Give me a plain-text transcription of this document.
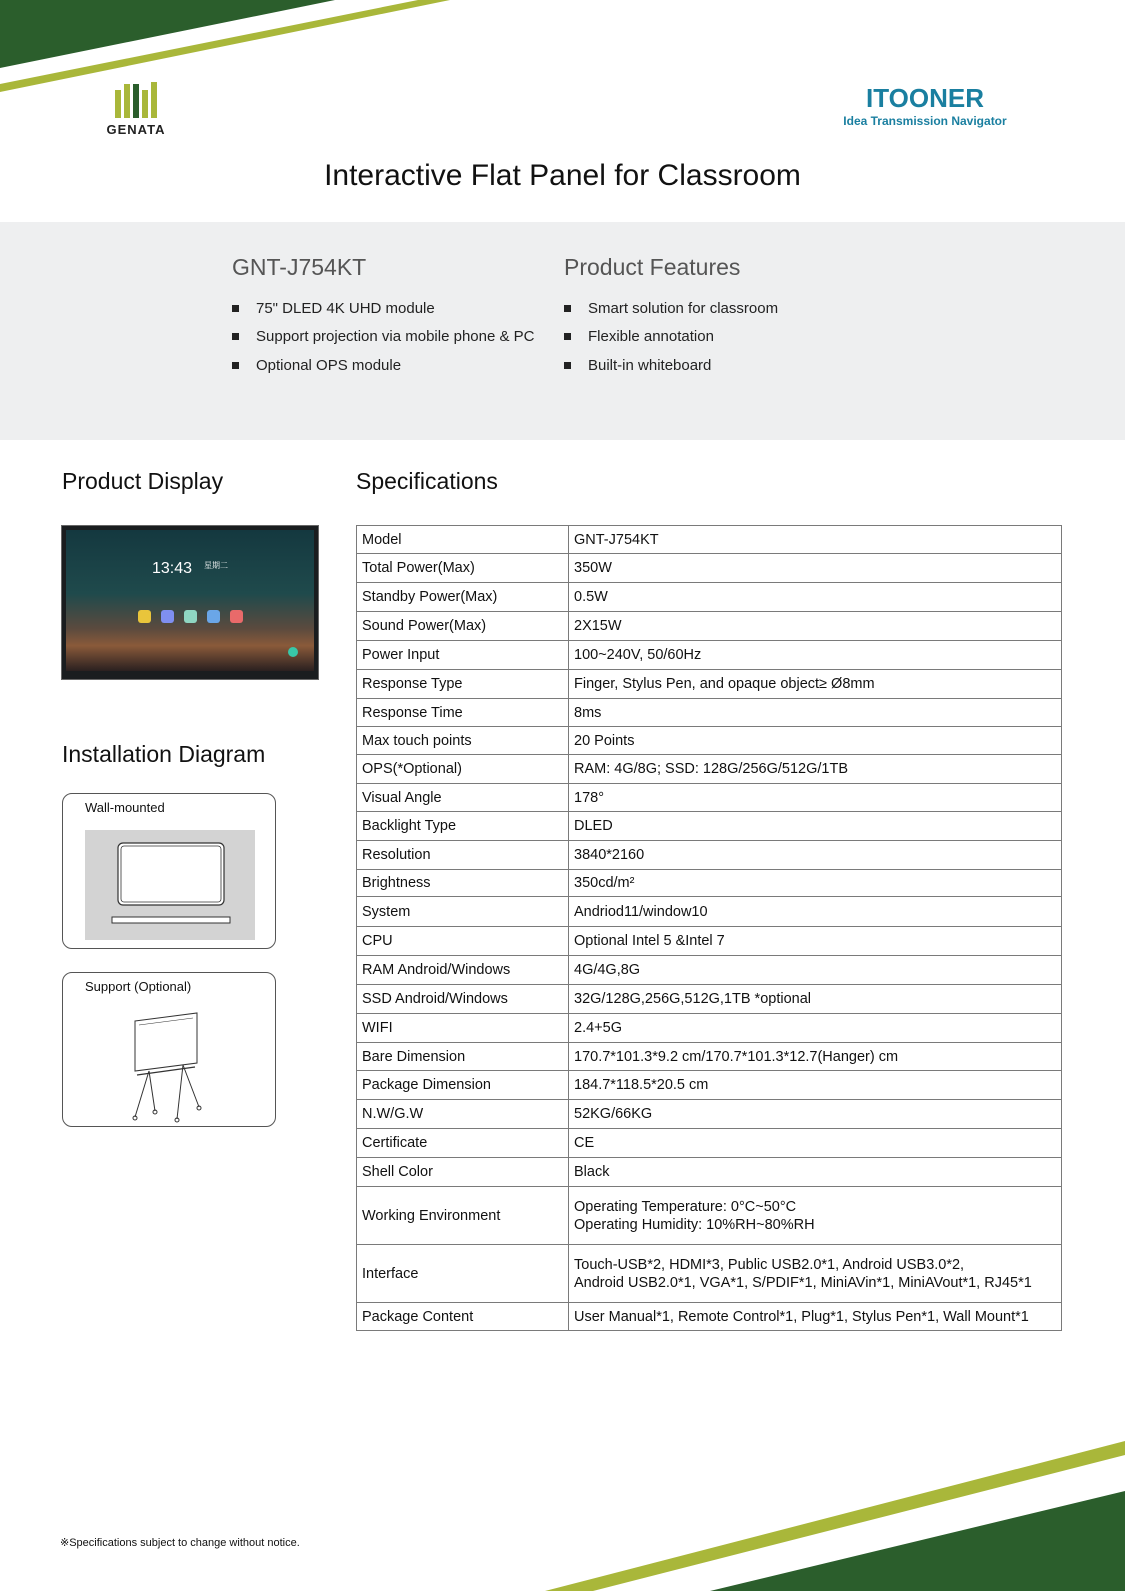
GENATA
ITOONER
Idea Transmission Navigator
Interactive Flat Panel for Classroom
GNT-J754KT
75" DLED 4K UHD module
Support projection via mobile phone & PC
Optional OPS module
Product Features
Smart solution for classroom
Flexible annotation
Built-in whiteboard
Product Display
13:43 星期二
Installation Diagram
Wall-mounted
Support (Optional)
Specifications
Model	GNT-J754KT
Total Power(Max)	350W
Standby Power(Max)	0.5W
Sound Power(Max)	2X15W
Power Input	100~240V, 50/60Hz
Response Type	Finger, Stylus Pen, and opaque object≥ Ø8mm
Response Time	8ms
Max touch points	20 Points
OPS(*Optional)	RAM: 4G/8G; SSD: 128G/256G/512G/1TB
Visual Angle	178°
Backlight Type	DLED
Resolution	3840*2160
Brightness	350cd/m²
System	Andriod11/window10
CPU	Optional Intel 5 &Intel 7
RAM Android/Windows	4G/4G,8G
SSD Android/Windows	32G/128G,256G,512G,1TB *optional
WIFI	2.4+5G
Bare Dimension	170.7*101.3*9.2 cm/170.7*101.3*12.7(Hanger) cm
Package Dimension	184.7*118.5*20.5 cm
N.W/G.W	52KG/66KG
Certificate	CE
Shell Color	Black
Working Environment	Operating Temperature: 0°C~50°C
Operating Humidity: 10%RH~80%RH
Interface	Touch-USB*2, HDMI*3, Public USB2.0*1, Android USB3.0*2,
Android USB2.0*1, VGA*1, S/PDIF*1, MiniAVin*1, MiniAVout*1, RJ45*1
Package Content	User Manual*1, Remote Control*1, Plug*1, Stylus Pen*1, Wall Mount*1
※Specifications subject to change without notice.
